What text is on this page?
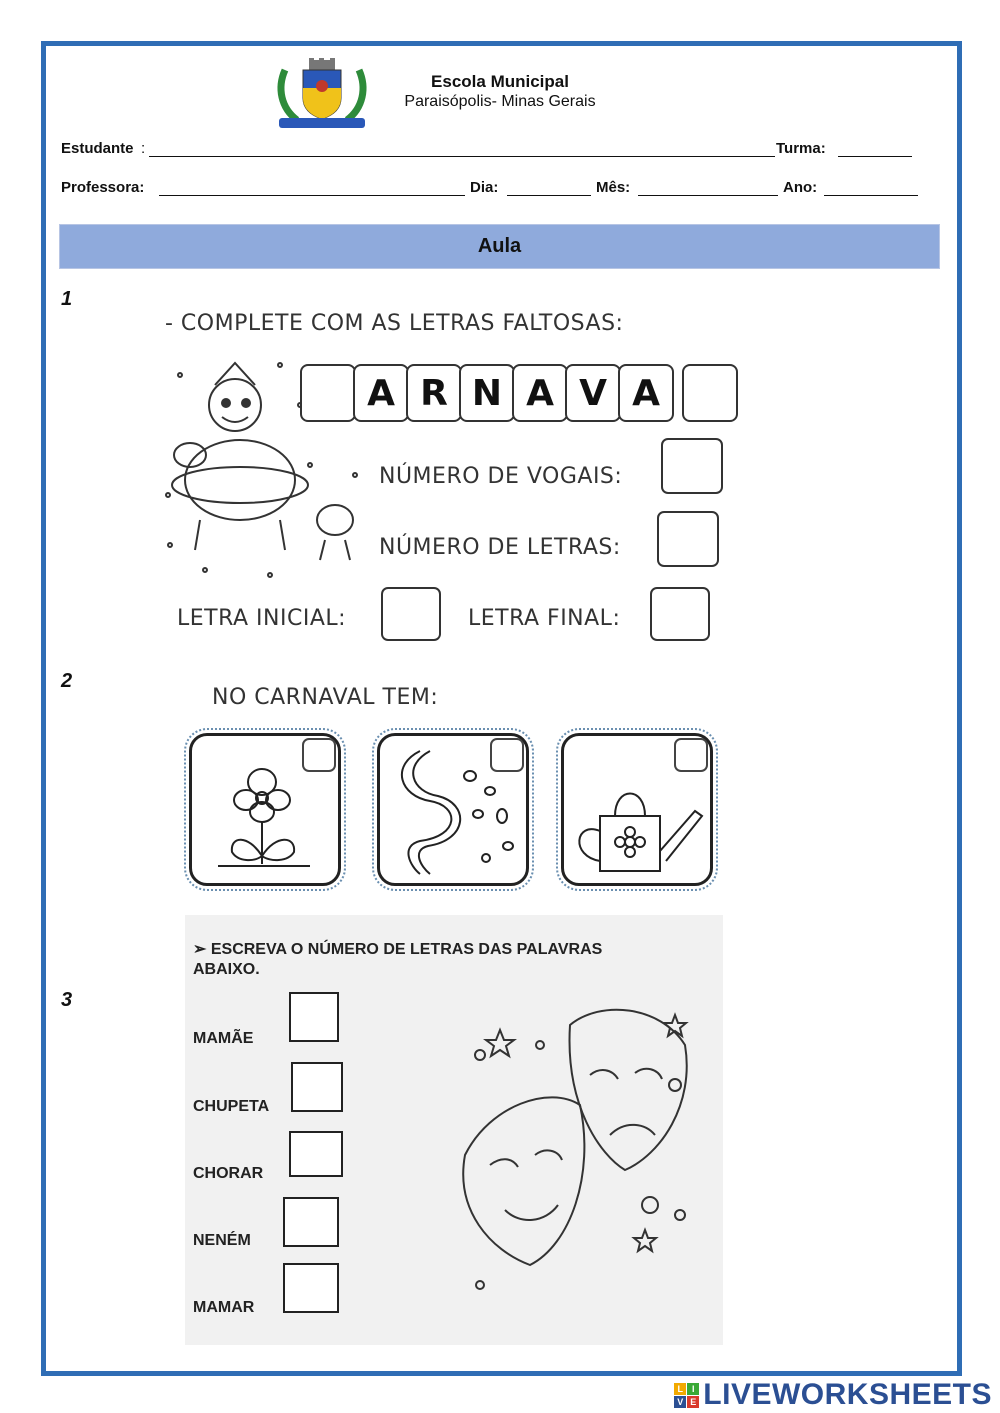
Escola Municipal
Paraisópolis- Minas Gerais
Estudante :	Turma:
Professora:	Dia:	Mês:	Ano:
Aula
1
- COMPLETE COM AS LETRAS FALTOSAS:
A R N A V A
NÚMERO DE VOGAIS:
NÚMERO DE LETRAS:
LETRA INICIAL:	LETRA FINAL:
2
NO CARNAVAL TEM:
3
➢ ESCREVA O NÚMERO DE LETRAS DAS PALAVRAS
ABAIXO.
MAMÃE
CHUPETA
CHORAR
NENÉM
MAMAR
L I
V E LIVEWORKSHEETS
